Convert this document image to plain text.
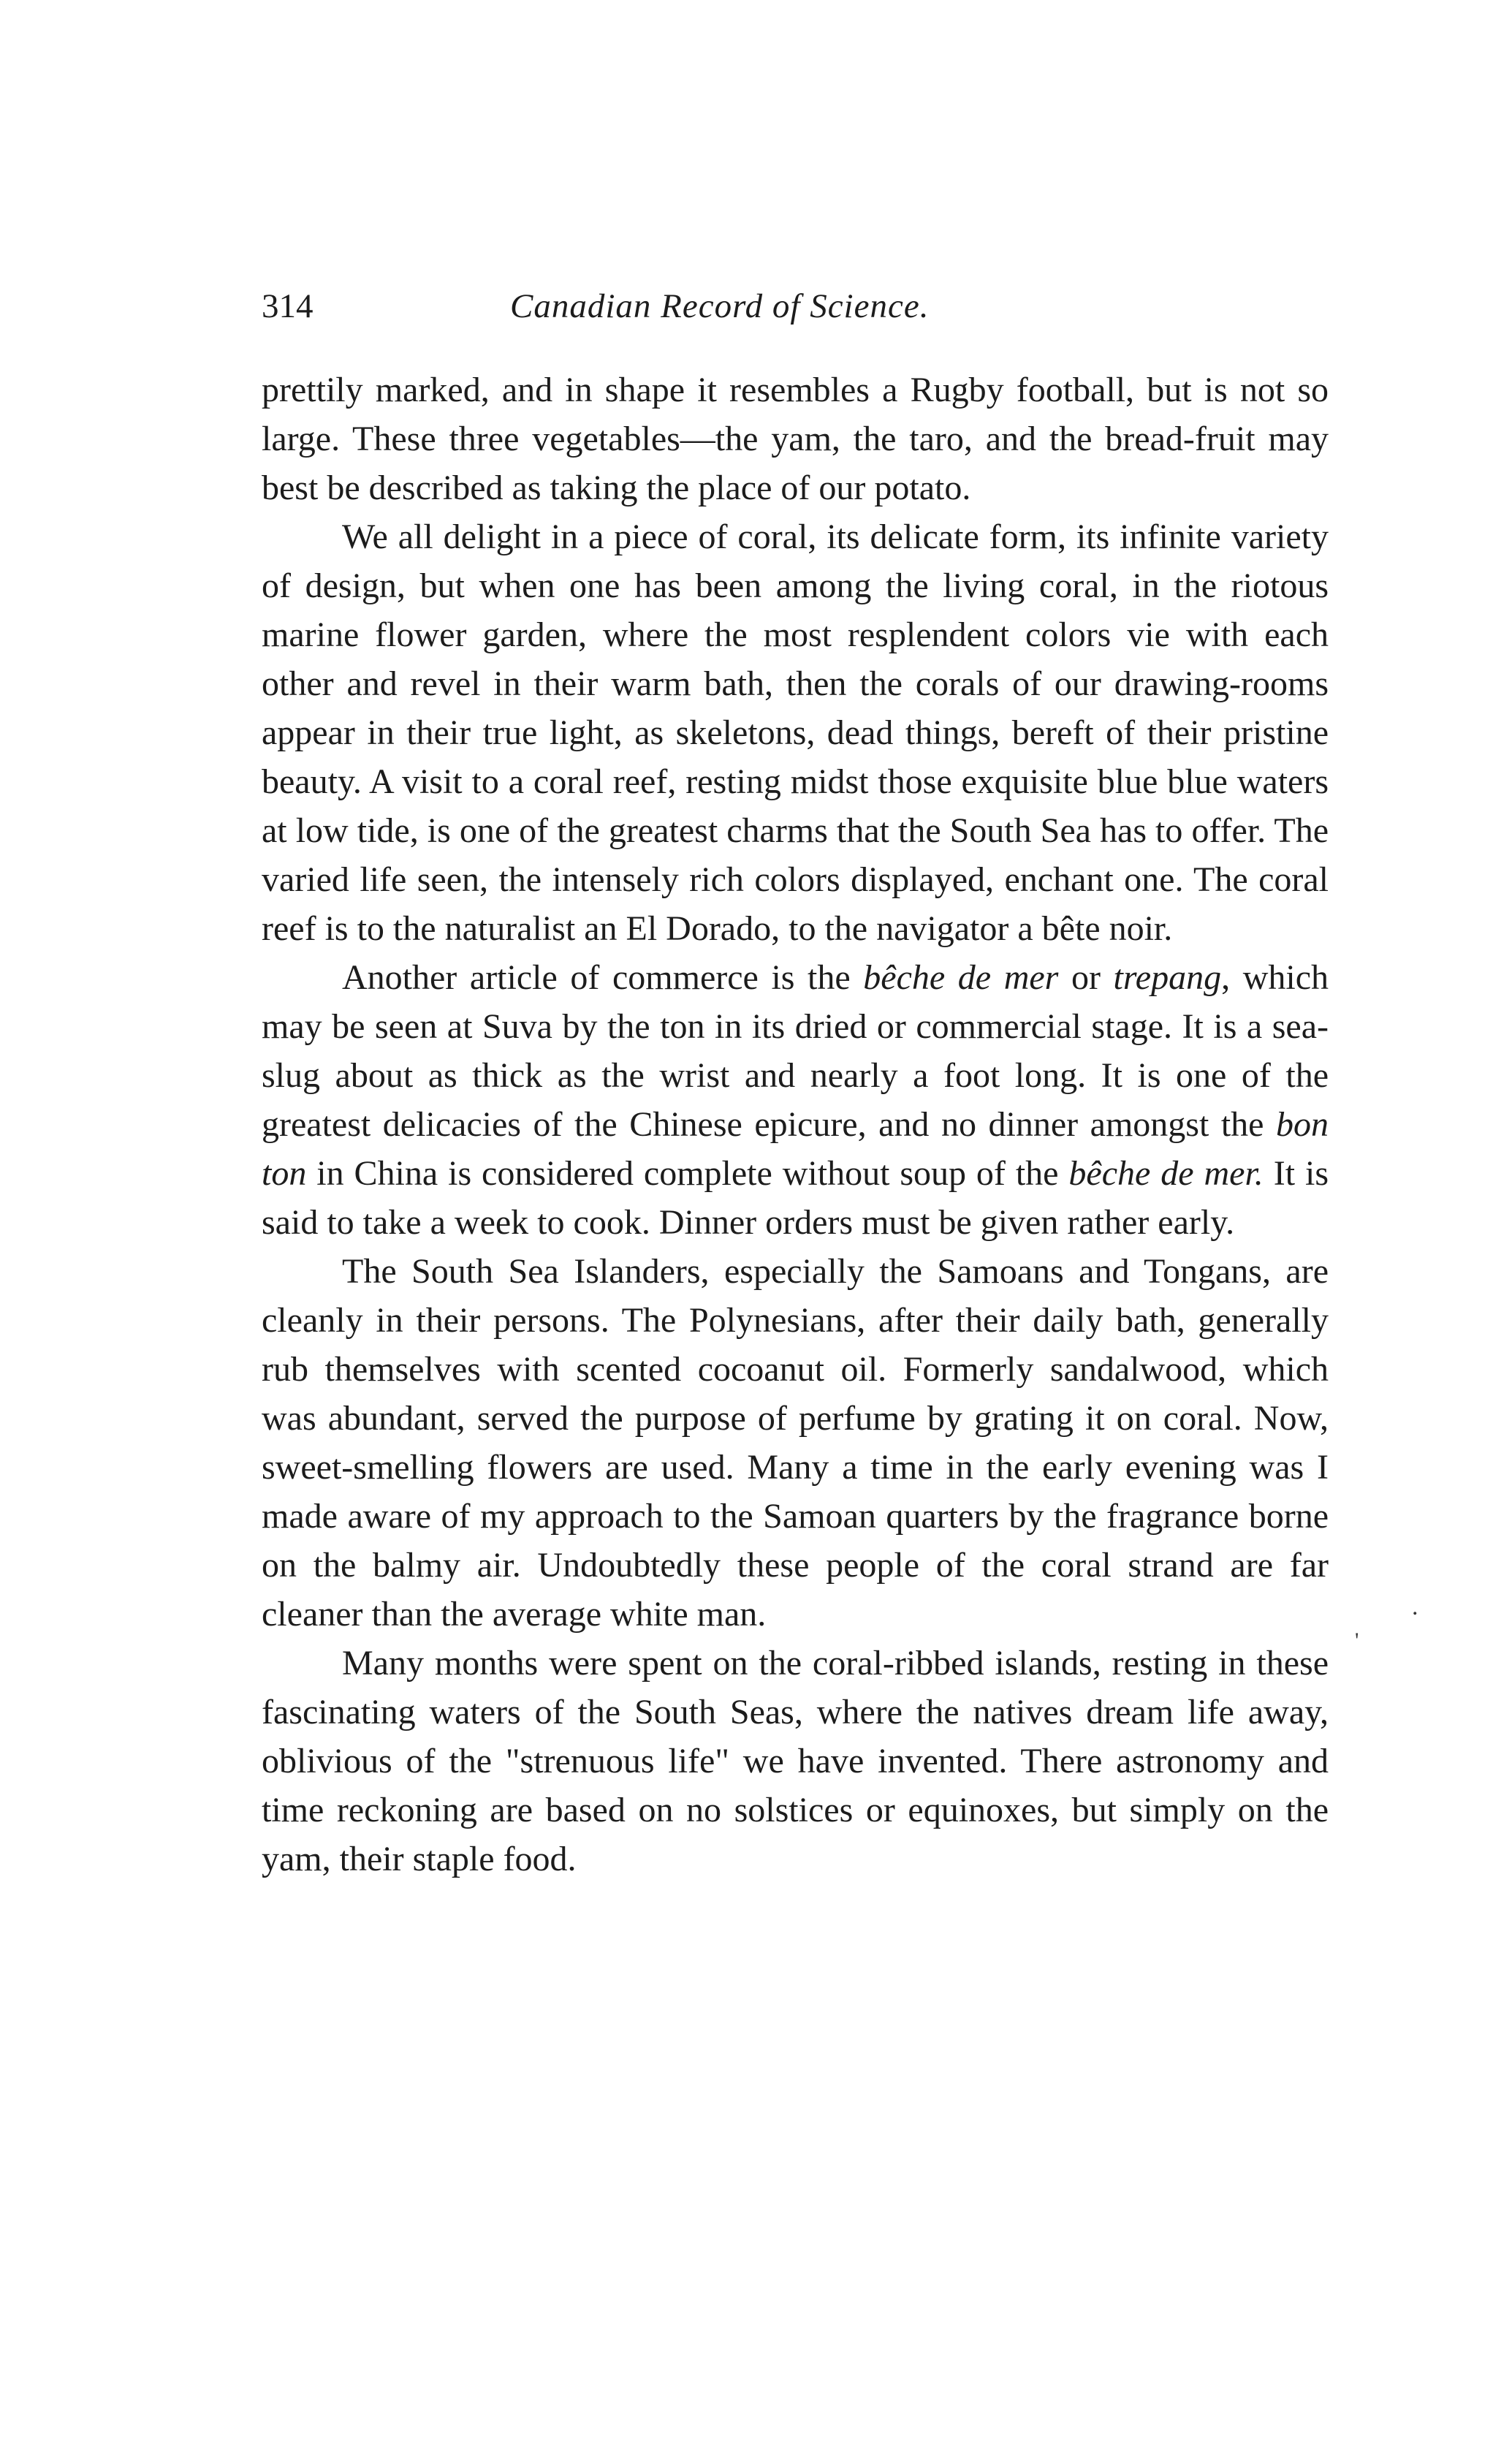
314	Canadian Record of Science.

prettily marked, and in shape it resembles a Rugby football, but is not so large. These three vegetables—the yam, the taro, and the bread-fruit may best be described as taking the place of our potato.

We all delight in a piece of coral, its delicate form, its infinite variety of design, but when one has been among the living coral, in the riotous marine flower garden, where the most resplendent colors vie with each other and revel in their warm bath, then the corals of our drawing-rooms appear in their true light, as skeletons, dead things, bereft of their pristine beauty. A visit to a coral reef, resting midst those exquisite blue blue waters at low tide, is one of the greatest charms that the South Sea has to offer. The varied life seen, the intensely rich colors displayed, enchant one. The coral reef is to the naturalist an El Dorado, to the navigator a bête noir.

Another article of commerce is the bêche de mer or trepang, which may be seen at Suva by the ton in its dried or commercial stage. It is a sea-slug about as thick as the wrist and nearly a foot long. It is one of the greatest delicacies of the Chinese epicure, and no dinner amongst the bon ton in China is considered complete without soup of the bêche de mer. It is said to take a week to cook. Dinner orders must be given rather early.

The South Sea Islanders, especially the Samoans and Tongans, are cleanly in their persons. The Polynesians, after their daily bath, generally rub themselves with scented cocoanut oil. Formerly sandalwood, which was abundant, served the purpose of perfume by grating it on coral. Now, sweet-smelling flowers are used. Many a time in the early evening was I made aware of my approach to the Samoan quarters by the fragrance borne on the balmy air. Undoubtedly these people of the coral strand are far cleaner than the average white man.

Many months were spent on the coral-ribbed islands, resting in these fascinating waters of the South Seas, where the natives dream life away, oblivious of the "strenuous life" we have invented. There astronomy and time reckoning are based on no solstices or equinoxes, but simply on the yam, their staple food.

.
'
